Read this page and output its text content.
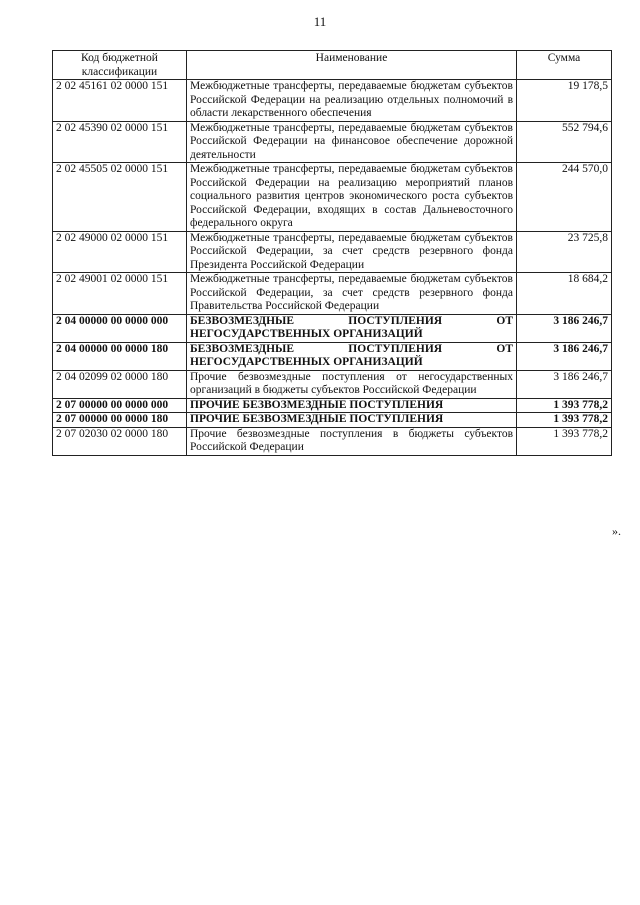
11
Код бюджетной классификации	Наименование	Сумма
2 02 45161 02 0000 151	Межбюджетные трансферты, передаваемые бюджетам субъектов Российской Федерации на реализацию отдельных полномочий в области лекарственного обеспечения	19 178,5
2 02 45390 02 0000 151	Межбюджетные трансферты, передаваемые бюджетам субъектов Российской Федерации на финансовое обеспечение дорожной деятельности	552 794,6
2 02 45505 02 0000 151	Межбюджетные трансферты, передаваемые бюджетам субъектов Российской Федерации на реализацию мероприятий планов социального развития центров экономического роста субъектов Российской Федерации, входящих в состав Дальневосточного федерального округа	244 570,0
2 02 49000 02 0000 151	Межбюджетные трансферты, передаваемые бюджетам субъектов Российской Федерации, за счет средств резервного фонда Президента Российской Федерации	23 725,8
2 02 49001 02 0000 151	Межбюджетные трансферты, передаваемые бюджетам субъектов Российской Федерации, за счет средств резервного фонда Правительства Российской Федерации	18 684,2
2 04 00000 00 0000 000	БЕЗВОЗМЕЗДНЫЕ ПОСТУПЛЕНИЯ ОТ НЕГОСУДАРСТВЕННЫХ ОРГАНИЗАЦИЙ	3 186 246,7
2 04 00000 00 0000 180	БЕЗВОЗМЕЗДНЫЕ ПОСТУПЛЕНИЯ ОТ НЕГОСУДАРСТВЕННЫХ ОРГАНИЗАЦИЙ	3 186 246,7
2 04 02099 02 0000 180	Прочие безвозмездные поступления от негосударственных организаций в бюджеты субъектов Российской Федерации	3 186 246,7
2 07 00000 00 0000 000	ПРОЧИЕ БЕЗВОЗМЕЗДНЫЕ ПОСТУПЛЕНИЯ	1 393 778,2
2 07 00000 00 0000 180	ПРОЧИЕ БЕЗВОЗМЕЗДНЫЕ ПОСТУПЛЕНИЯ	1 393 778,2
2 07 02030 02 0000 180	Прочие безвозмездные поступления в бюджеты субъектов Российской Федерации	1 393 778,2
».
